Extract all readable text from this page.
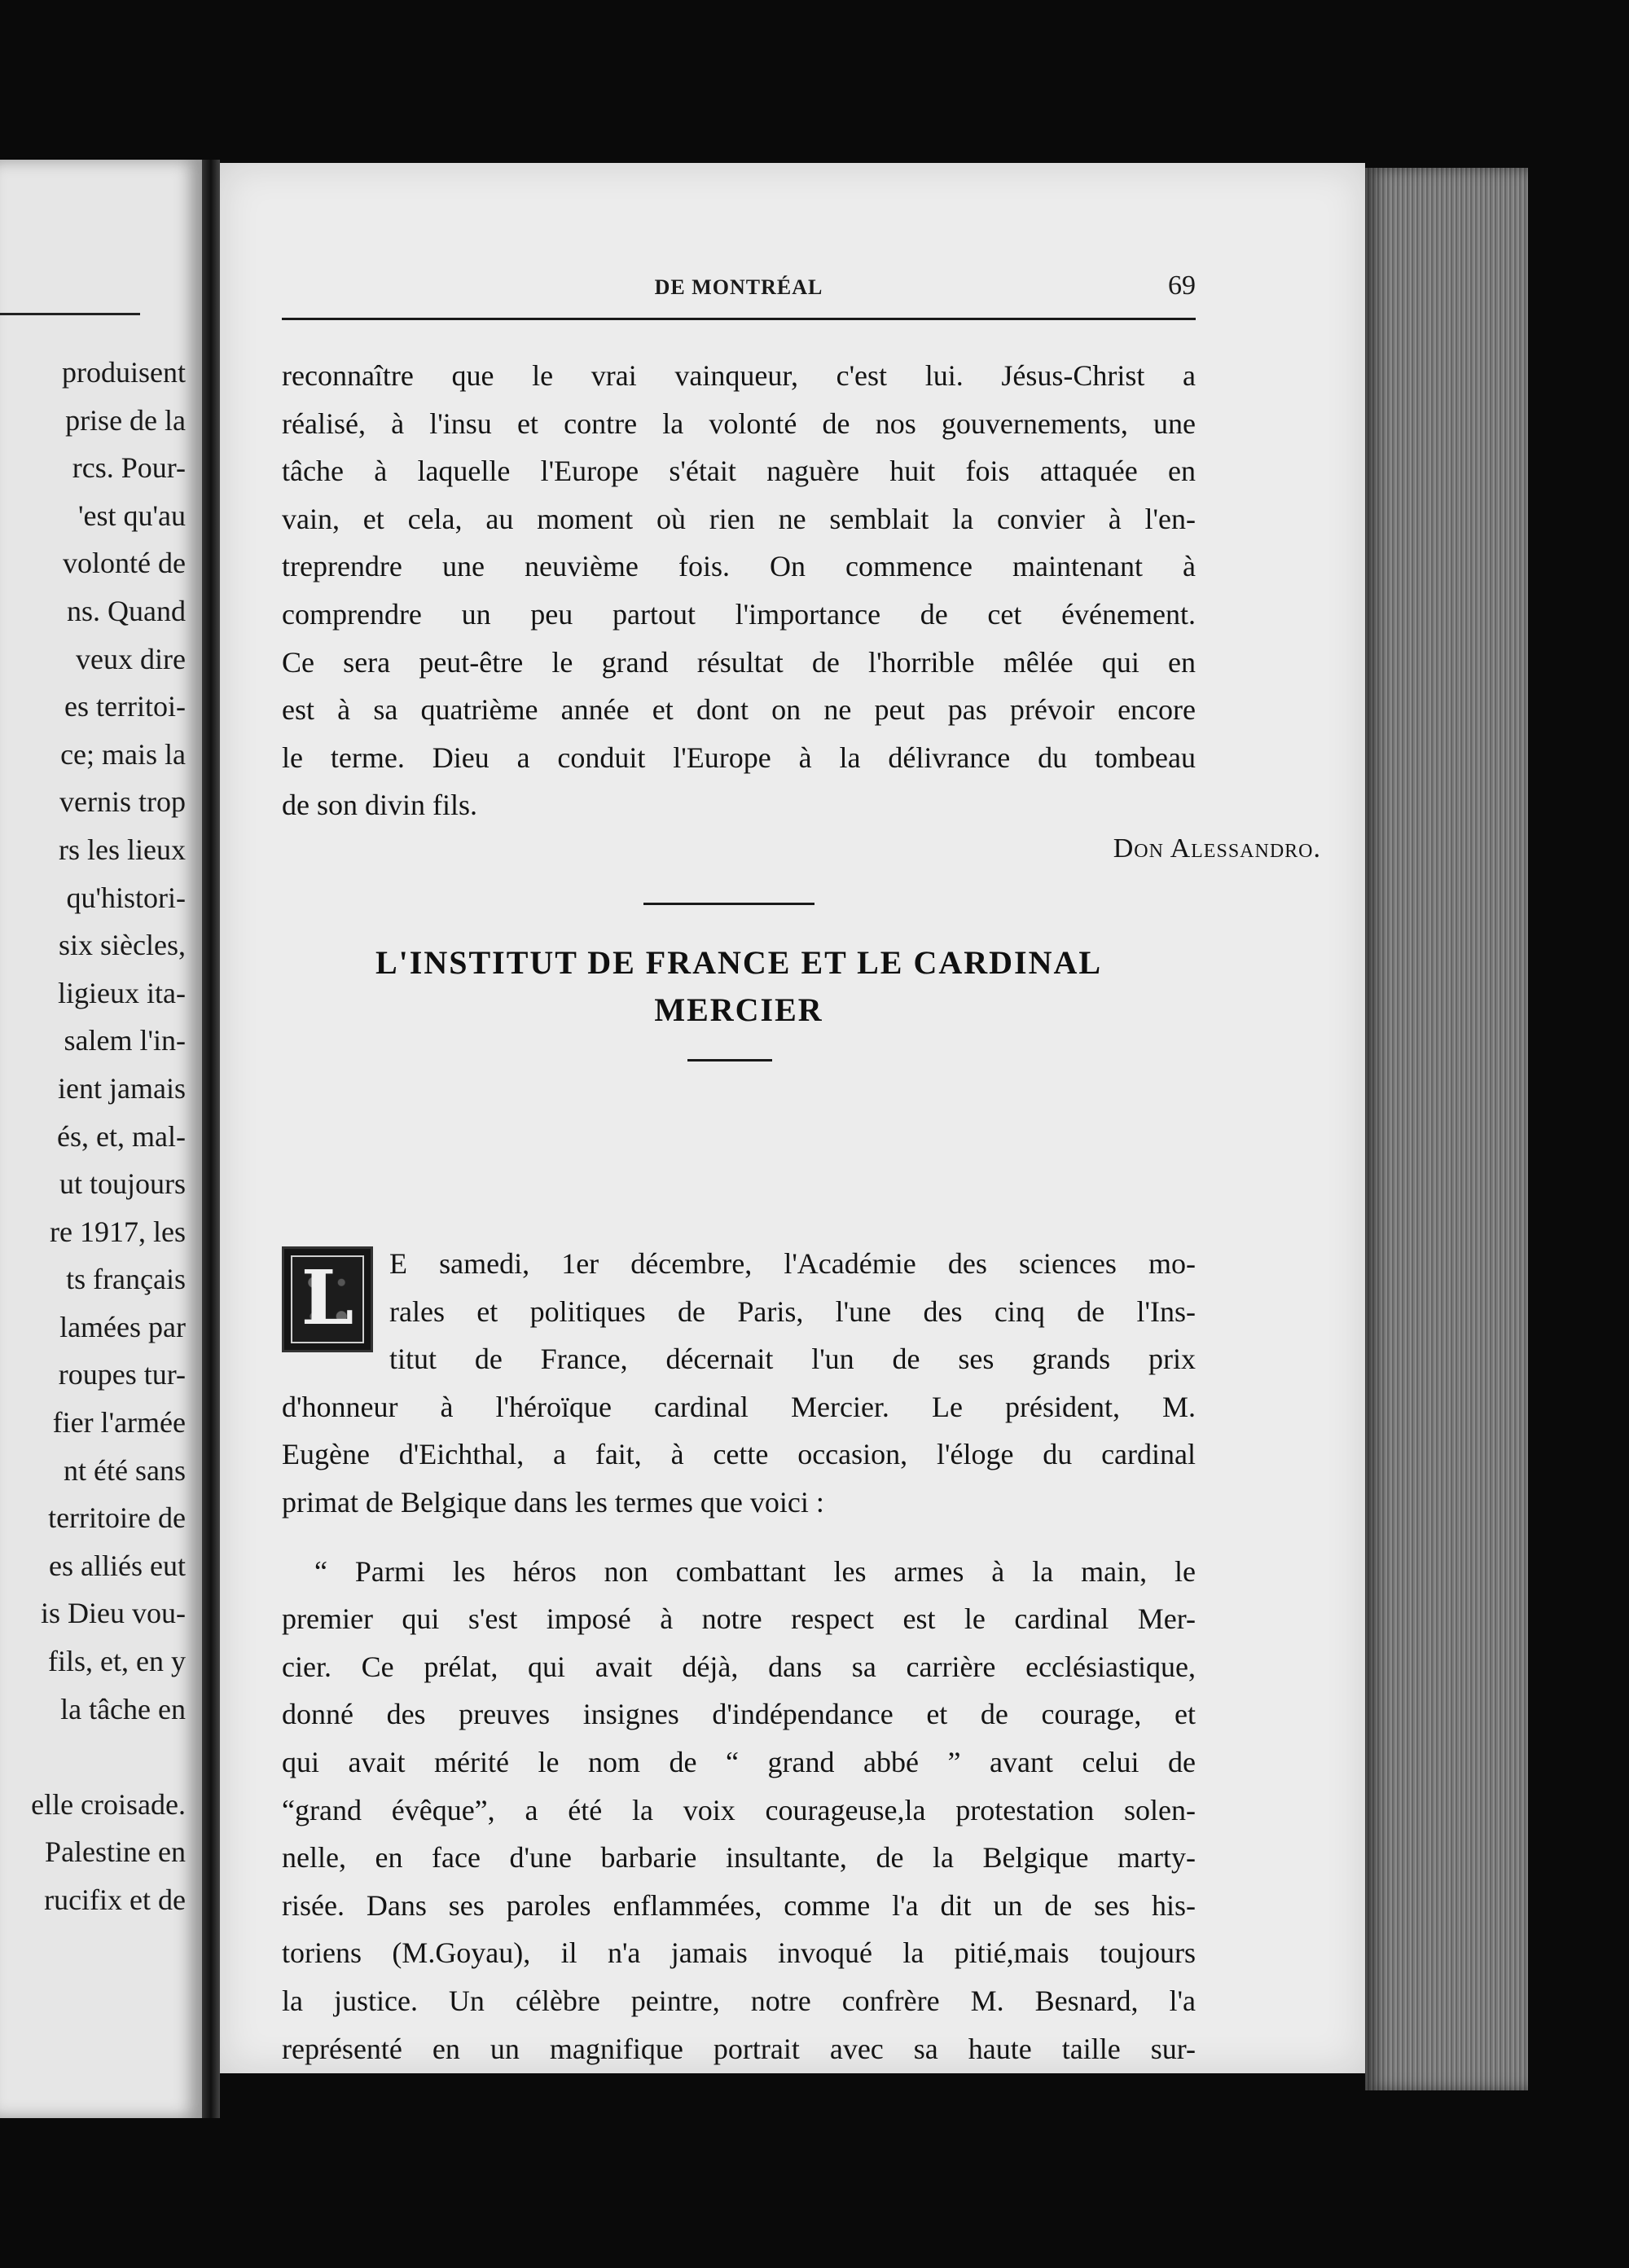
produisent
prise de la
rcs. Pour-
'est qu'au
volonté de
ns. Quand
veux dire
es territoi-
ce; mais la
vernis trop
rs les lieux
qu'histori-
six siècles,
ligieux ita-
salem l'in-
ient jamais
és, et, mal-
ut toujours
re 1917, les
ts français
lamées par
roupes tur-
fier l'armée
nt été sans
territoire de
es alliés eut
is Dieu vou-
fils, et, en y
la tâche en
elle croisade.
Palestine en
rucifix et de
DE MONTRÉAL	69
reconnaître que le vrai vainqueur, c'est lui. Jésus-Christ a
réalisé, à l'insu et contre la volonté de nos gouvernements, une
tâche à laquelle l'Europe s'était naguère huit fois attaquée en
vain, et cela, au moment où rien ne semblait la convier à l'en-
treprendre une neuvième fois. On commence maintenant à
comprendre un peu partout l'importance de cet événement.
Ce sera peut-être le grand résultat de l'horrible mêlée qui en
est à sa quatrième année et dont on ne peut pas prévoir encore
le terme. Dieu a conduit l'Europe à la délivrance du tombeau
de son divin fils.
Don Alessandro.
L'INSTITUT DE FRANCE ET LE CARDINAL
MERCIER
L	E samedi, 1er décembre, l'Académie des sciences mo-
rales et politiques de Paris, l'une des cinq de l'Ins-
titut de France, décernait l'un de ses grands prix
d'honneur à l'héroïque cardinal Mercier. Le président, M.
Eugène d'Eichthal, a fait, à cette occasion, l'éloge du cardinal
primat de Belgique dans les termes que voici :
“ Parmi les héros non combattant les armes à la main, le
premier qui s'est imposé à notre respect est le cardinal Mer-
cier. Ce prélat, qui avait déjà, dans sa carrière ecclésiastique,
donné des preuves insignes d'indépendance et de courage, et
qui avait mérité le nom de “ grand abbé ” avant celui de
“grand évêque”, a été la voix courageuse,la protestation solen-
nelle, en face d'une barbarie insultante, de la Belgique marty-
risée. Dans ses paroles enflammées, comme l'a dit un de ses his-
toriens (M.Goyau), il n'a jamais invoqué la pitié,mais toujours
la justice. Un célèbre peintre, notre confrère M. Besnard, l'a
représenté en un magnifique portrait avec sa haute taille sur-
